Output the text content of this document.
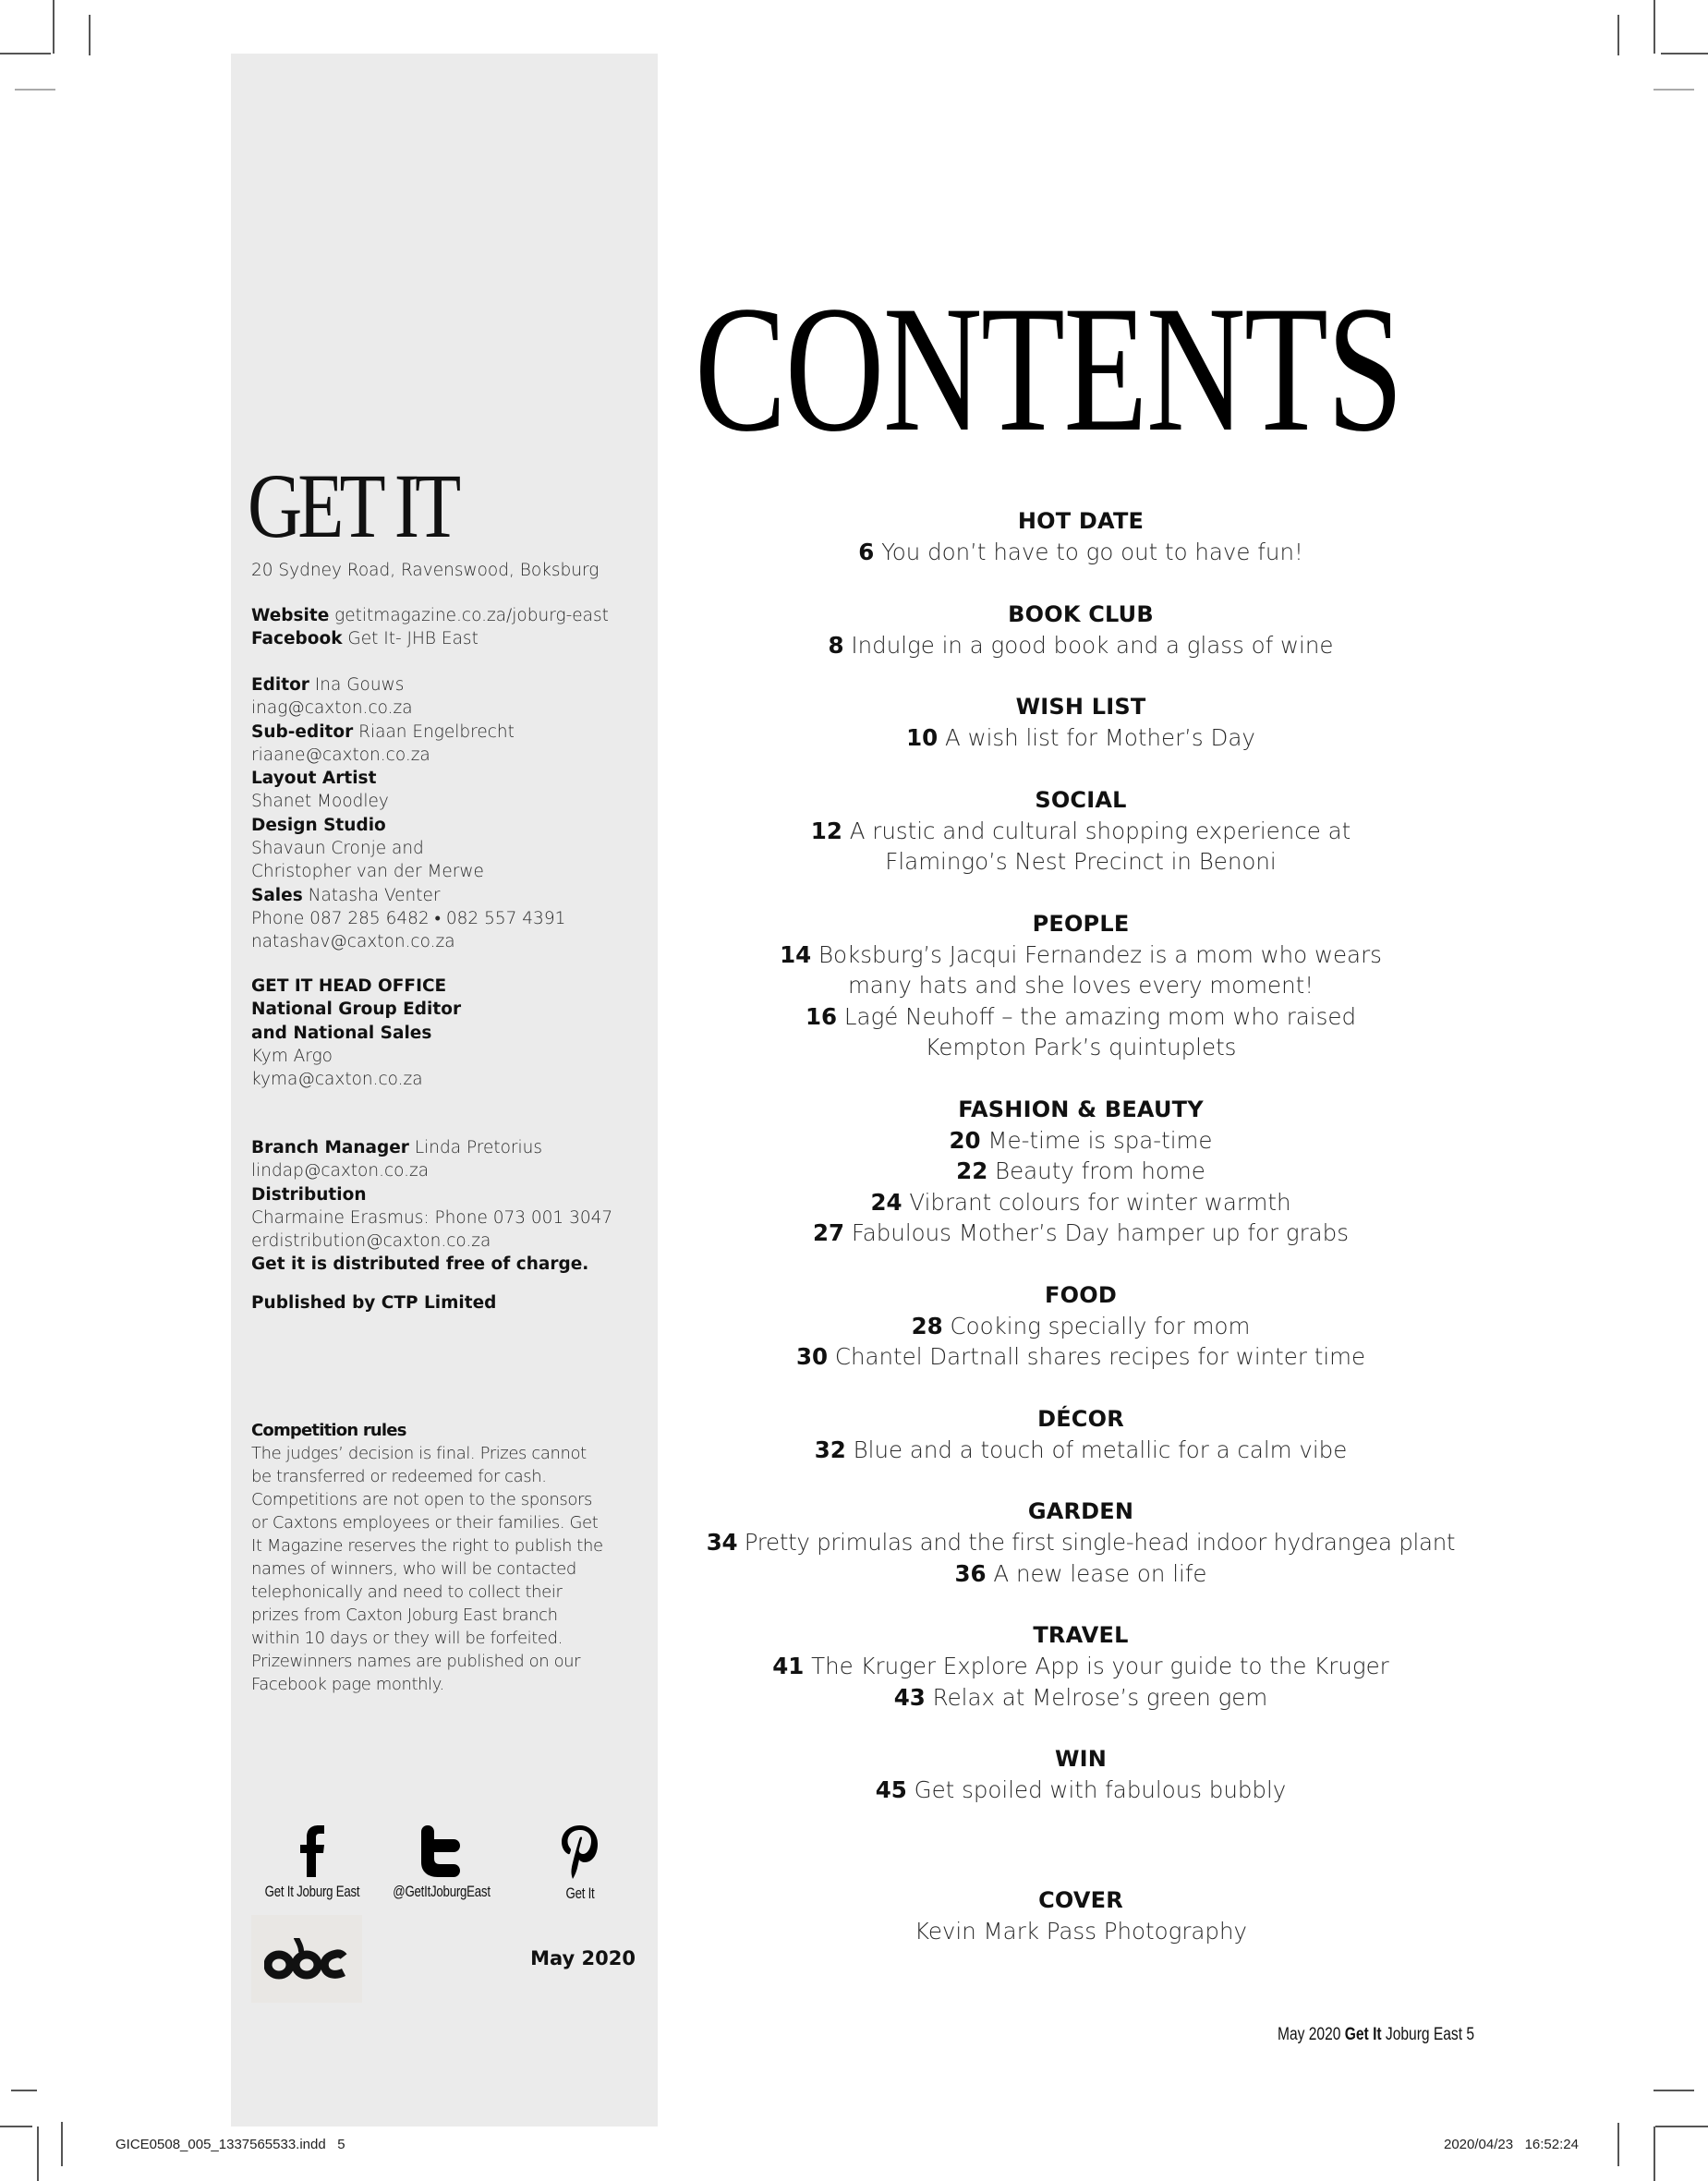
GET IT
20 Sydney Road, Ravenswood, Boksburg
Website getitmagazine.co.za/joburg-east
Facebook Get It- JHB East
Editor Ina Gouws
inag@caxton.co.za
Sub-editor Riaan Engelbrecht
riaane@caxton.co.za
Layout Artist
Shanet Moodley
Design Studio
Shavaun Cronje and
Christopher van der Merwe
Sales Natasha Venter
Phone 087 285 6482 • 082 557 4391
natashav@caxton.co.za
GET IT HEAD OFFICE
National Group Editor
and National Sales
Kym Argo
kyma@caxton.co.za
Branch Manager Linda Pretorius
lindap@caxton.co.za
Distribution
Charmaine Erasmus: Phone 073 001 3047
erdistribution@caxton.co.za
Get it is distributed free of charge.
Published by CTP Limited
Competition rules
The judges’ decision is final. Prizes cannot
be transferred or redeemed for cash.
Competitions are not open to the sponsors
or Caxtons employees or their families. Get
It Magazine reserves the right to publish the
names of winners, who will be contacted
telephonically and need to collect their
prizes from Caxton Joburg East branch
within 10 days or they will be forfeited.
Prizewinners names are published on our
Facebook page monthly.
Get It Joburg East	@GetItJoburgEast	Get It
May 2020
CONTENTS
HOT DATE
6 You don’t have to go out to have fun!
BOOK CLUB
8 Indulge in a good book and a glass of wine
WISH LIST
10 A wish list for Mother’s Day
SOCIAL
12 A rustic and cultural shopping experience at
Flamingo’s Nest Precinct in Benoni
PEOPLE
14 Boksburg’s Jacqui Fernandez is a mom who wears
many hats and she loves every moment!
16 Lagé Neuhoff – the amazing mom who raised
Kempton Park’s quintuplets
FASHION & BEAUTY
20 Me-time is spa-time
22 Beauty from home
24 Vibrant colours for winter warmth
27 Fabulous Mother’s Day hamper up for grabs
FOOD
28 Cooking specially for mom
30 Chantel Dartnall shares recipes for winter time
DÉCOR
32 Blue and a touch of metallic for a calm vibe
GARDEN
34 Pretty primulas and the first single-head indoor hydrangea plant
36 A new lease on life
TRAVEL
41 The Kruger Explore App is your guide to the Kruger
43 Relax at Melrose’s green gem
WIN
45 Get spoiled with fabulous bubbly
COVER
Kevin Mark Pass Photography
May 2020 Get It Joburg East 5
GICE0508_005_1337565533.indd   5	2020/04/23   16:52:24
